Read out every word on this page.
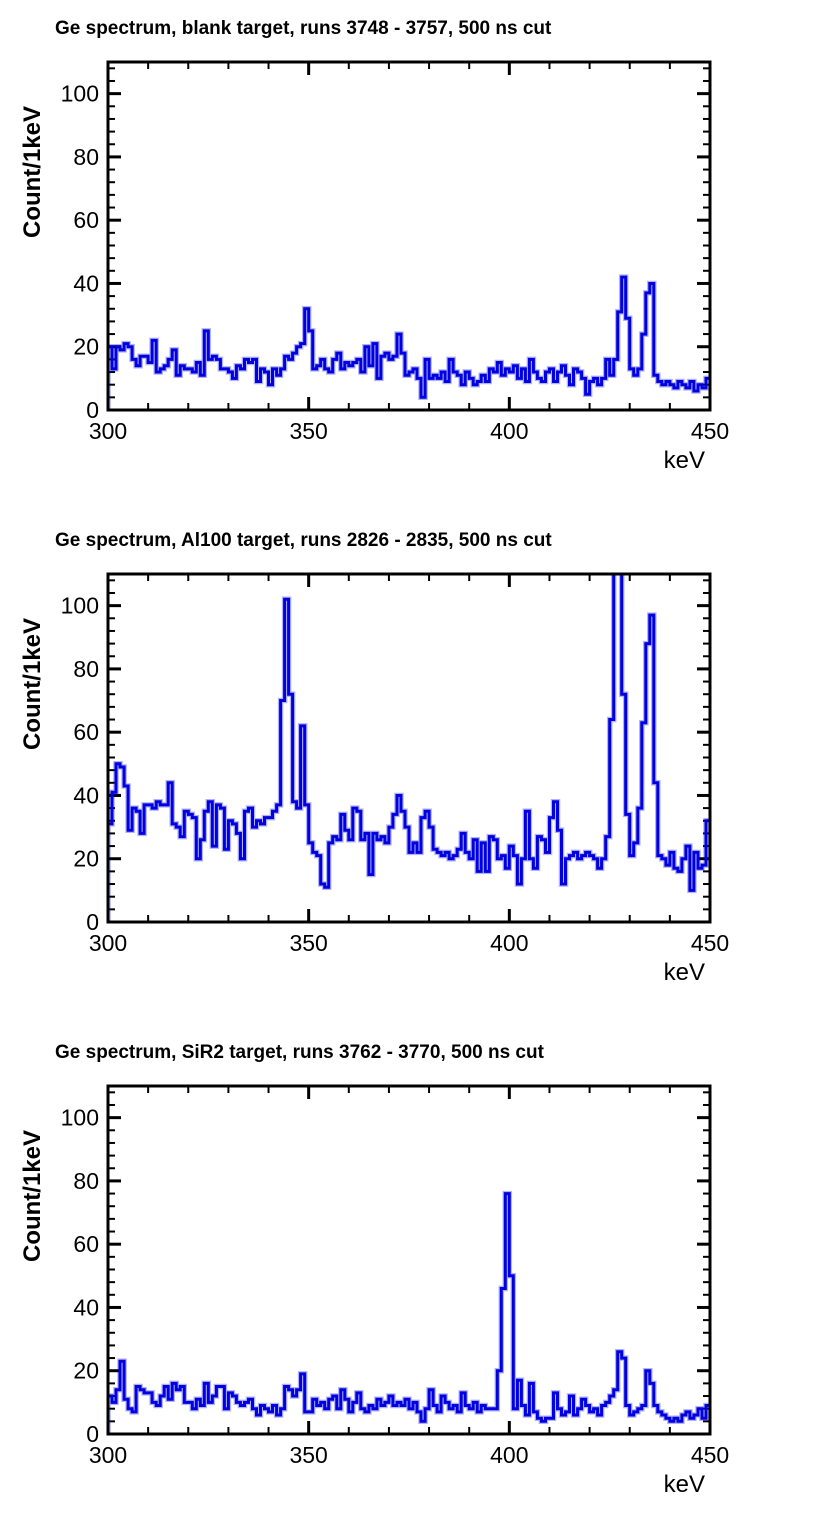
Ge spectrum, blank target, runs 3748 - 3757, 500 ns cut
0
20
40
60
80
100
300	350	400	450
Count/1keV
keV
Ge spectrum, Al100 target, runs 2826 - 2835, 500 ns cut
0
20
40
60
80
100
300	350	400	450
Count/1keV
keV
Ge spectrum, SiR2 target, runs 3762 - 3770, 500 ns cut
0
20
40
60
80
100
300	350	400	450
Count/1keV
keV
